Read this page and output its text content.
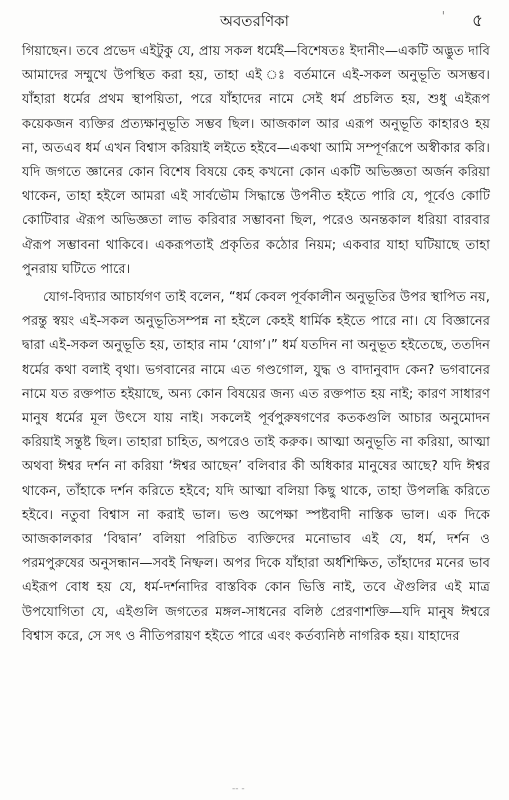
অবতরণিকা	' ৫

গিয়াছেন। তবে প্রভেদ এইটুকু যে, প্রায় সকল ধর্মেই—বিশেষতঃ ইদানীং—একটি অদ্ভুত দাবি আমাদের সম্মুখে উপস্থিত করা হয়, তাহা এই ঃ বর্তমানে এই-সকল অনুভূতি অসম্ভব। যাঁহারা ধর্মের প্রথম স্থাপয়িতা, পরে যাঁহাদের নামে সেই ধর্ম প্রচলিত হয়, শুধু এইরূপ কয়েকজন ব্যক্তির প্রত্যক্ষানুভূতি সম্ভব ছিল। আজকাল আর এরূপ অনুভূতি কাহারও হয় না, অতএব ধর্ম এখন বিশ্বাস করিয়াই লইতে হইবে—একথা আমি সম্পূর্ণরূপে অস্বীকার করি। যদি জগতে জ্ঞানের কোন বিশেষ বিষয়ে কেহ কখনো কোন একটি অভিজ্ঞতা অর্জন করিয়া থাকেন, তাহা হইলে আমরা এই সার্বভৌম সিদ্ধান্তে উপনীত হইতে পারি যে, পূর্বেও কোটি কোটিবার ঐরূপ অভিজ্ঞতা লাভ করিবার সম্ভাবনা ছিল, পরেও অনন্তকাল ধরিয়া বারবার ঐরূপ সম্ভাবনা থাকিবে। একরূপতাই প্রকৃতির কঠোর নিয়ম; একবার যাহা ঘটিয়াছে তাহা পুনরায় ঘটিতে পারে।

যোগ-বিদ্যার আচার্যগণ তাই বলেন, “ধর্ম কেবল পূর্বকালীন অনুভূতির উপর স্থাপিত নয়, পরন্তু স্বয়ং এই-সকল অনুভূতিসম্পন্ন না হইলে কেহই ধার্মিক হইতে পারে না। যে বিজ্ঞানের দ্বারা এই-সকল অনুভূতি হয়, তাহার নাম ‘যোগ’।” ধর্ম যতদিন না অনুভূত হইতেছে, ততদিন ধর্মের কথা বলাই বৃথা। ভগবানের নামে এত গণ্ডগোল, যুদ্ধ ও বাদানুবাদ কেন? ভগবানের নামে যত রক্তপাত হইয়াছে, অন্য কোন বিষয়ের জন্য এত রক্তপাত হয় নাই; কারণ সাধারণ মানুষ ধর্মের মূল উৎসে যায় নাই। সকলেই পূর্বপুরুষগণের কতকগুলি আচার অনুমোদন করিয়াই সন্তুষ্ট ছিল। তাহারা চাহিত, অপরেও তাই করুক। আত্মা অনুভূতি না করিয়া, আত্মা অথবা ঈশ্বর দর্শন না করিয়া ‘ঈশ্বর আছেন’ বলিবার কী অধিকার মানুষের আছে? যদি ঈশ্বর থাকেন, তাঁহাকে দর্শন করিতে হইবে; যদি আত্মা বলিয়া কিছু থাকে, তাহা উপলব্ধি করিতে হইবে। নতুবা বিশ্বাস না করাই ভাল। ভণ্ড অপেক্ষা স্পষ্টবাদী নাস্তিক ভাল। এক দিকে আজকালকার ‘বিদ্বান’ বলিয়া পরিচিত ব্যক্তিদের মনোভাব এই যে, ধর্ম, দর্শন ও পরমপুরুষের অনুসন্ধান—সবই নিষ্ফল। অপর দিকে যাঁহারা অর্ধশিক্ষিত, তাঁহাদের মনের ভাব এইরূপ বোধ হয় যে, ধর্ম-দর্শনাদির বাস্তবিক কোন ভিত্তি নাই, তবে ঐগুলির এই মাত্র উপযোগিতা যে, এইগুলি জগতের মঙ্গল-সাধনের বলিষ্ঠ প্রেরণাশক্তি—যদি মানুষ ঈশ্বরে বিশ্বাস করে, সে সৎ ও নীতিপরায়ণ হইতে পারে এবং কর্তব্যনিষ্ঠ নাগরিক হয়। যাহাদের

-- -
